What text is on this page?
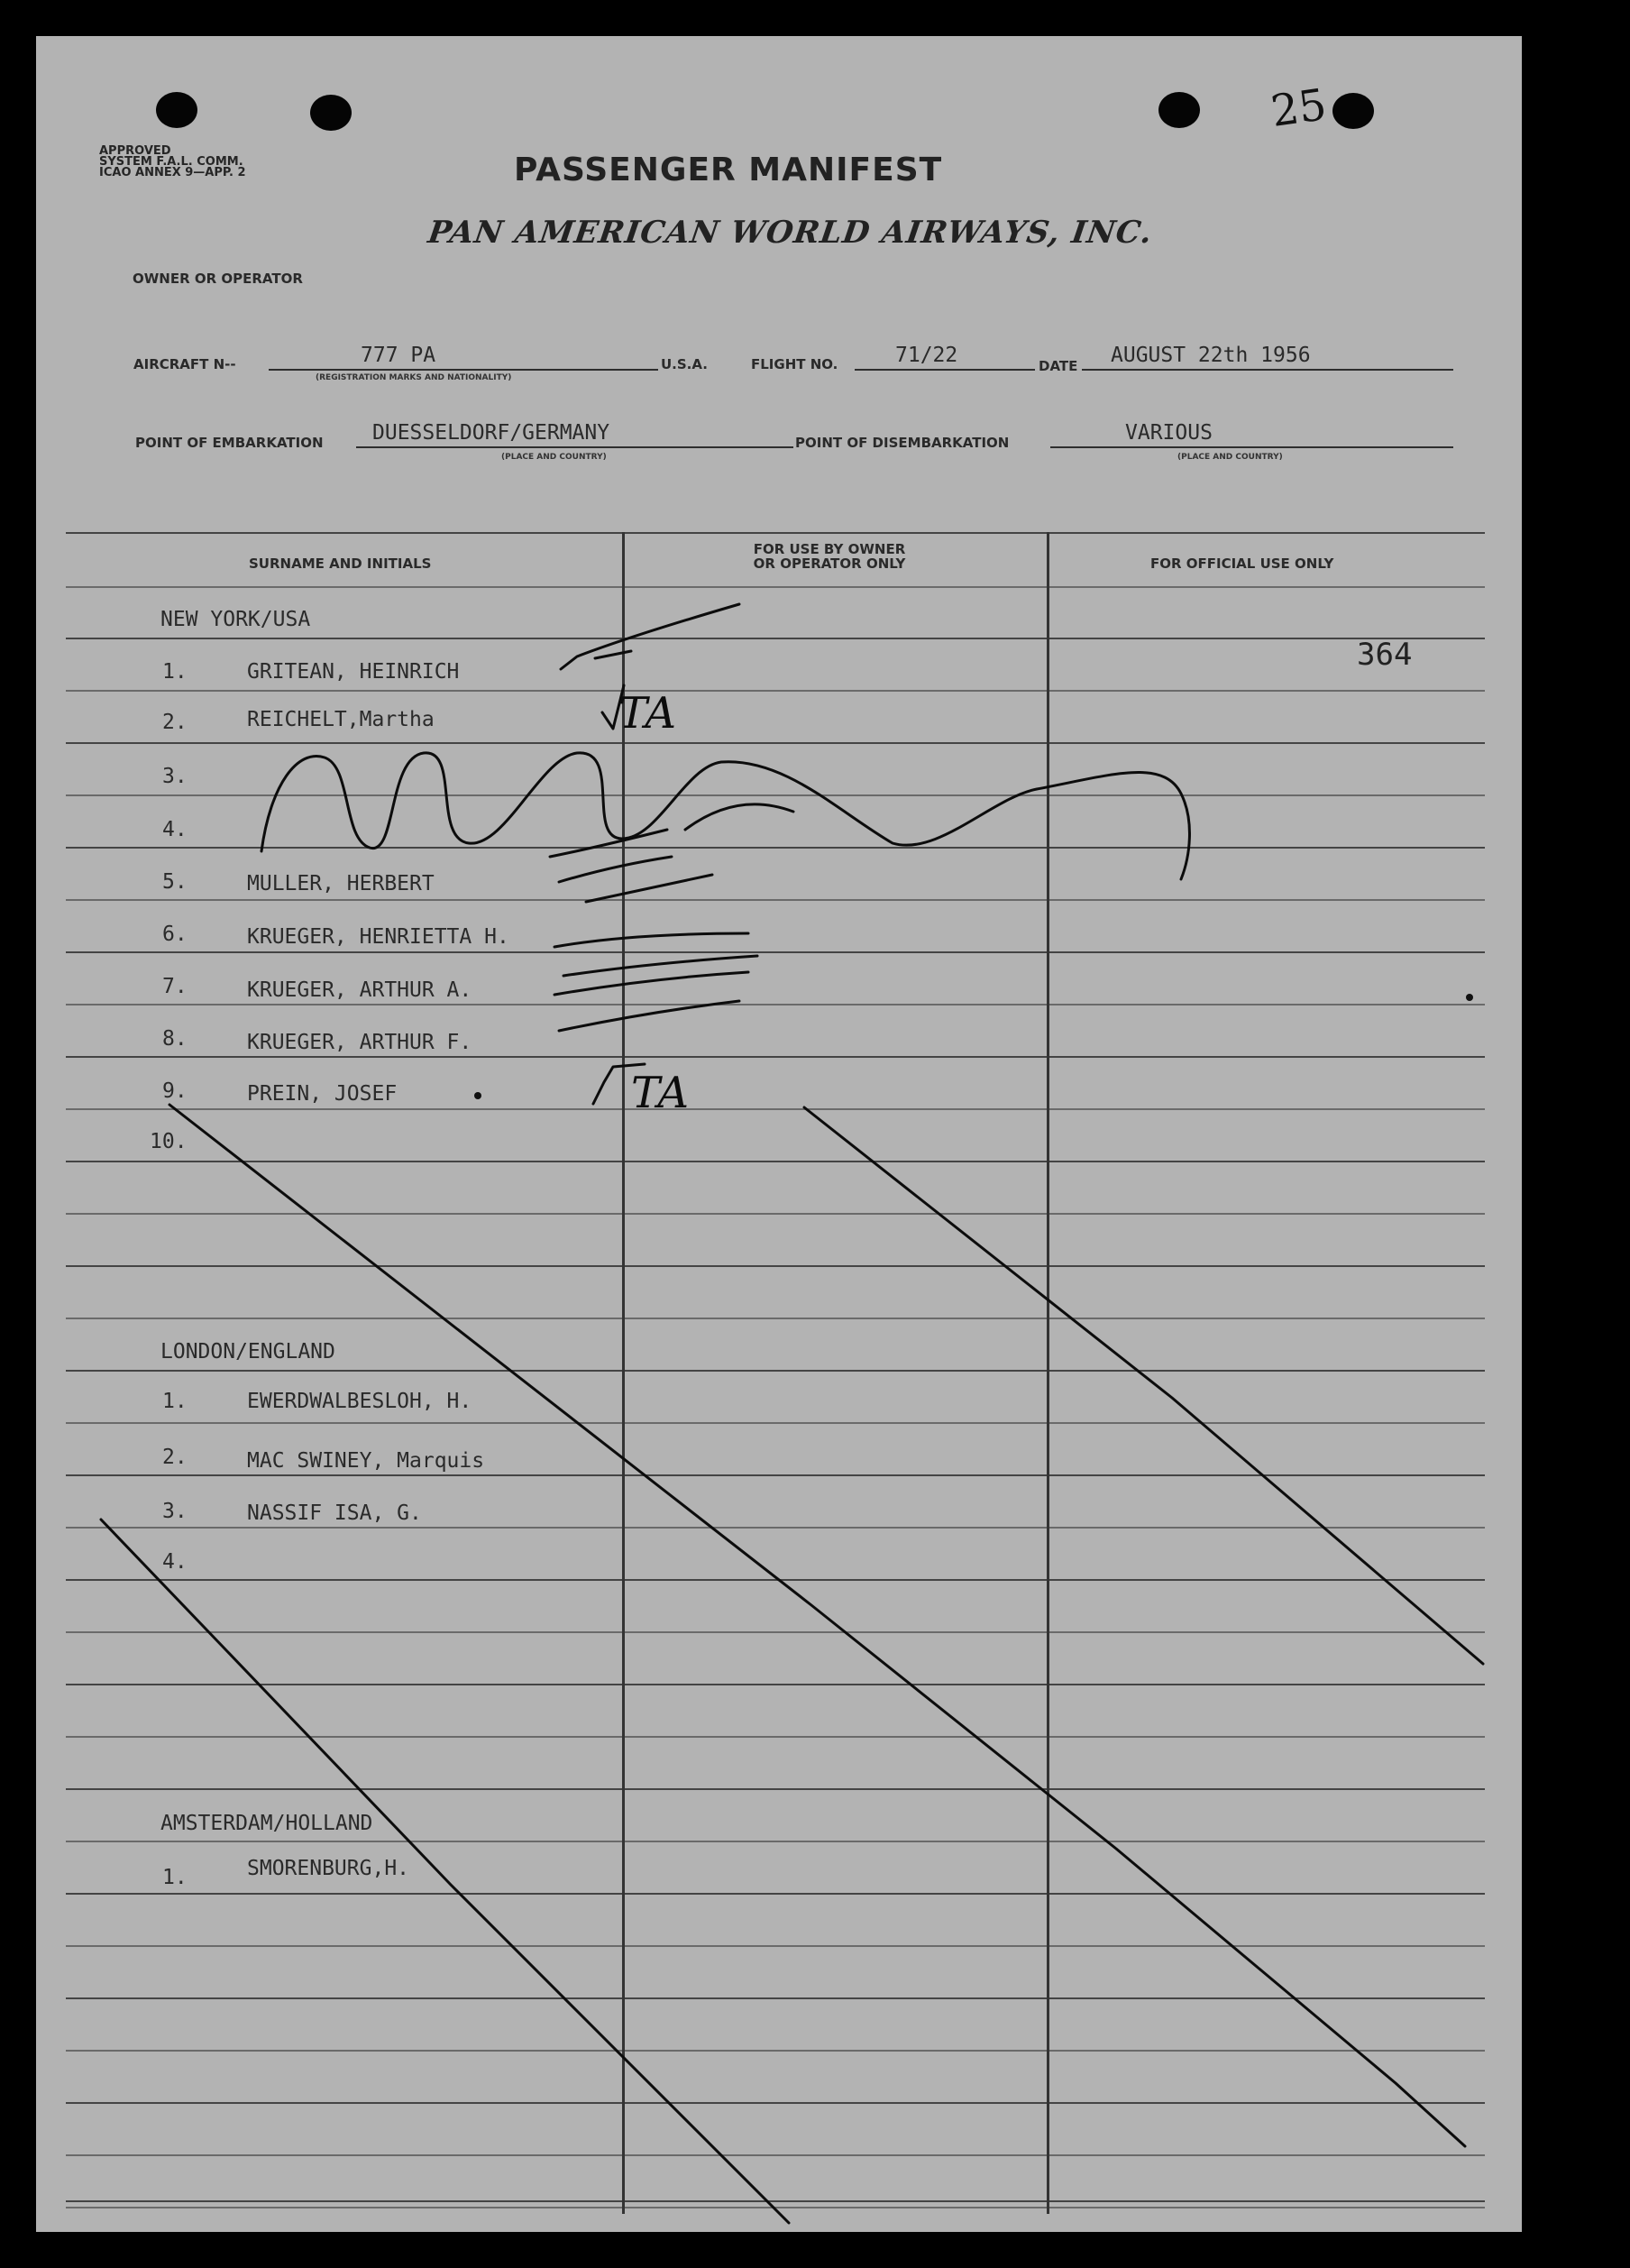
25
APPROVED
SYSTEM F.A.L. COMM.
ICAO ANNEX 9—APP. 2	PASSENGER MANIFEST
OWNER OR OPERATOR
PAN AMERICAN WORLD AIRWAYS, INC.
AIRCRAFT N--	777 PA
(REGISTRATION MARKS AND NATIONALITY)
U.S.A.	FLIGHT NO.	71/22	DATE AUGUST 22th 1956
POINT OF EMBARKATION DUESSELDORF/GERMANY
(PLACE AND COUNTRY)
POINT OF DISEMBARKATION	VARIOUS
(PLACE AND COUNTRY)
SURNAME AND INITIALS
FOR USE BY OWNER
OR OPERATOR ONLY	FOR OFFICIAL USE ONLY
NEW YORK/USA
1.	GRITEAN, HEINRICH
2.	REICHELT,Martha
3.
4.
5.	MULLER, HERBERT
6.	KRUEGER, HENRIETTA H.
7.	KRUEGER, ARTHUR A.
8.	KRUEGER, ARTHUR F.
9.	PREIN, JOSEF
10.
LONDON/ENGLAND
1.	EWERDWALBESLOH, H.
2.	MAC SWINEY, Marquis
3.	NASSIF ISA, G.
4.
AMSTERDAM/HOLLAND
1.	SMORENBURG,H.
364
TA
TA
